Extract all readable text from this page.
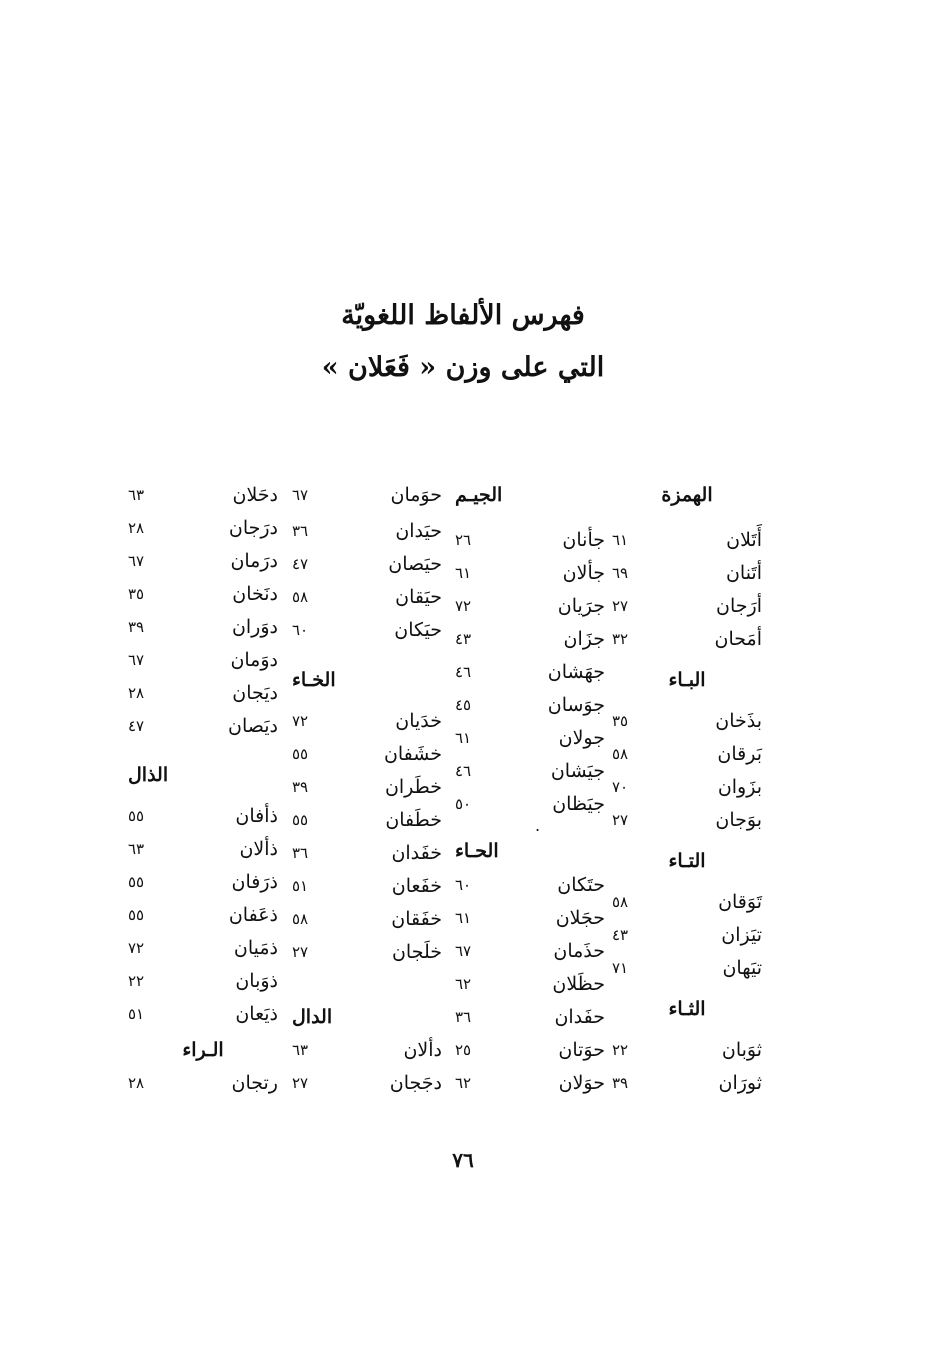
فهرس الألفاظ اللغويّة
التي على وزن « فَعَلان »
الهمزة
أَتَلان
٦١
أتَنان
٦٩
أرَجان
٢٧
أمَحان
٣٢
البـاء
بذَخان
٣٥
بَرقان
٥٨
بزَوان
٧٠
بوَجان
٢٧
التـاء
تَوَقان
٥٨
تيَزان
٤٣
تيَهان
٧١
الثـاء
ثوَبان
٢٢
ثورَان
٣٩
الجيـم
جأنان
٢٦
جألان
٦١
جرَيان
٧٢
جزَان
٤٣
جهَشان
٤٦
جوَسان
٤٥
جولان
٦١
جيَشان
٤٦
جيَظان
٥٠
الحـاء
حتَكان
٦٠
حجَلان
٦١
حذَمان
٦٧
حظَلان
٦٢
حفَدان
٣٦
حوَتان
٢٥
حوَلان
٦٢
حوَمان
٦٧
حيَدان
٣٦
حيَصان
٤٧
حيَقان
٥٨
حيَكان
٦٠
الخـاء
خدَيان
٧٢
خشَفان
٥٥
خطَران
٣٩
خطَفان
٥٥
خفَدان
٣٦
خفَعان
٥١
خفَقان
٥٨
خلَجان
٢٧
الدال
دألان
٦٣
دجَجان
٢٧
دحَلان
٦٣
درَجان
٢٨
درَمان
٦٧
دنَخان
٣٥
دوَران
٣٩
دوَمان
٦٧
ديَجان
٢٨
ديَصان
٤٧
الذال
ذأفان
٥٥
ذألان
٦٣
ذرَفان
٥٥
ذعَفان
٥٥
ذمَيان
٧٢
ذوَبان
٢٢
ذيَعان
٥١
الـراء
رتجان
٢٨
.
٧٦
